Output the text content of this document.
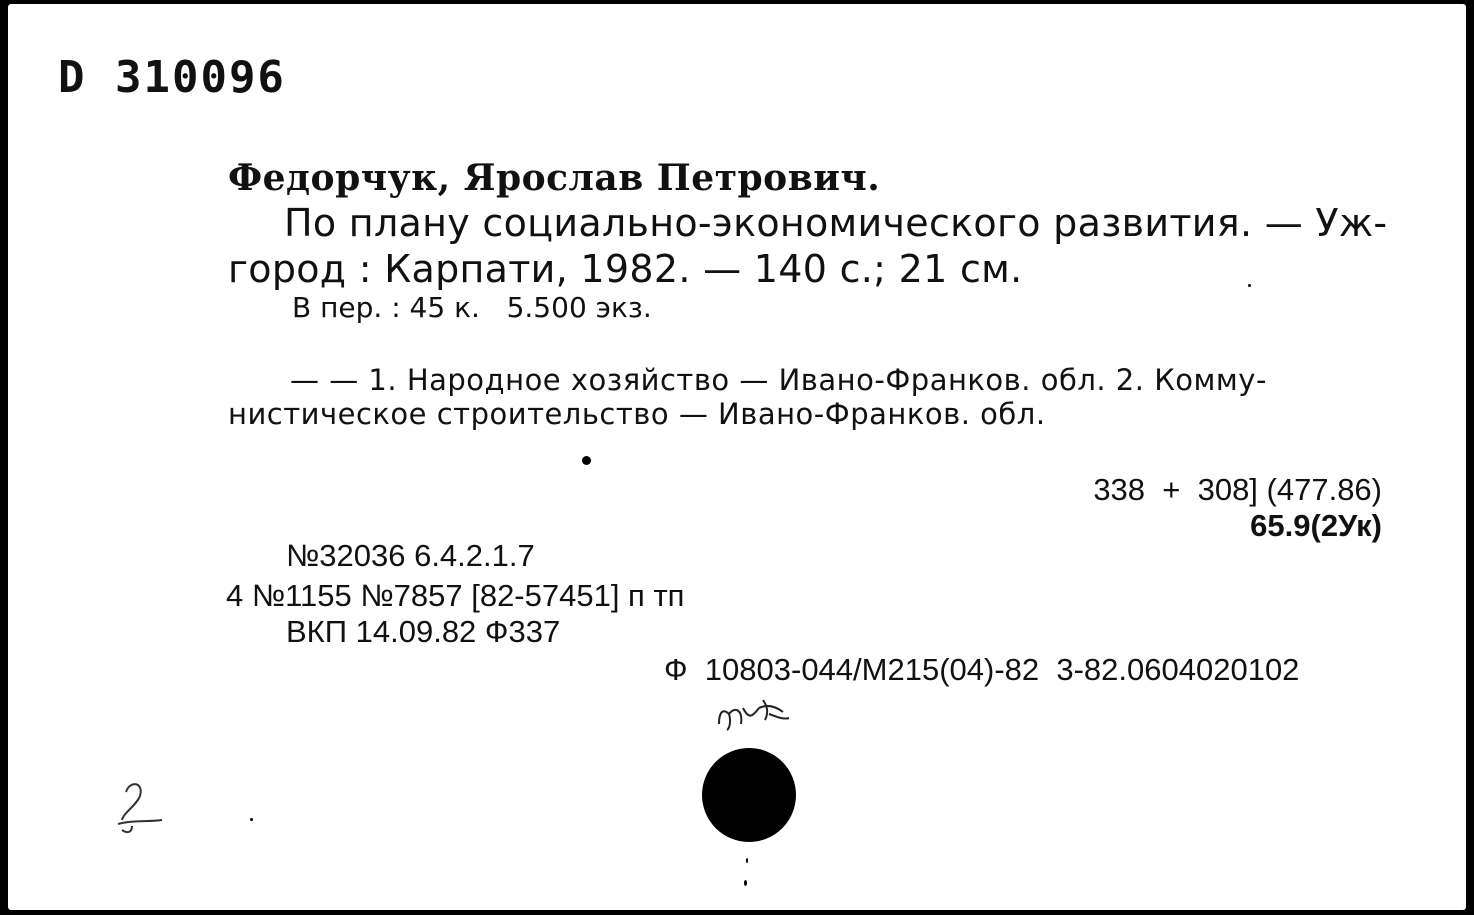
D 310096
Федорчук, Ярослав Петрович.
По плану социально-экономического развития. — Уж-
город : Карпати, 1982. — 140 с.; 21 см.
В пер. : 45 к.   5.500 экз.
— — 1. Народное хозяйство — Ивано-Франков. обл. 2. Комму-
нистическое строительство — Ивано-Франков. обл.
338  +  308] (477.86)
65.9(2Ук)
№32036 6.4.2.1.7
4 №1155 №7857 [82-57451] п тп
ВКП 14.09.82 Ф337
Ф  10803-044/М215(04)-82  3-82.0604020102
